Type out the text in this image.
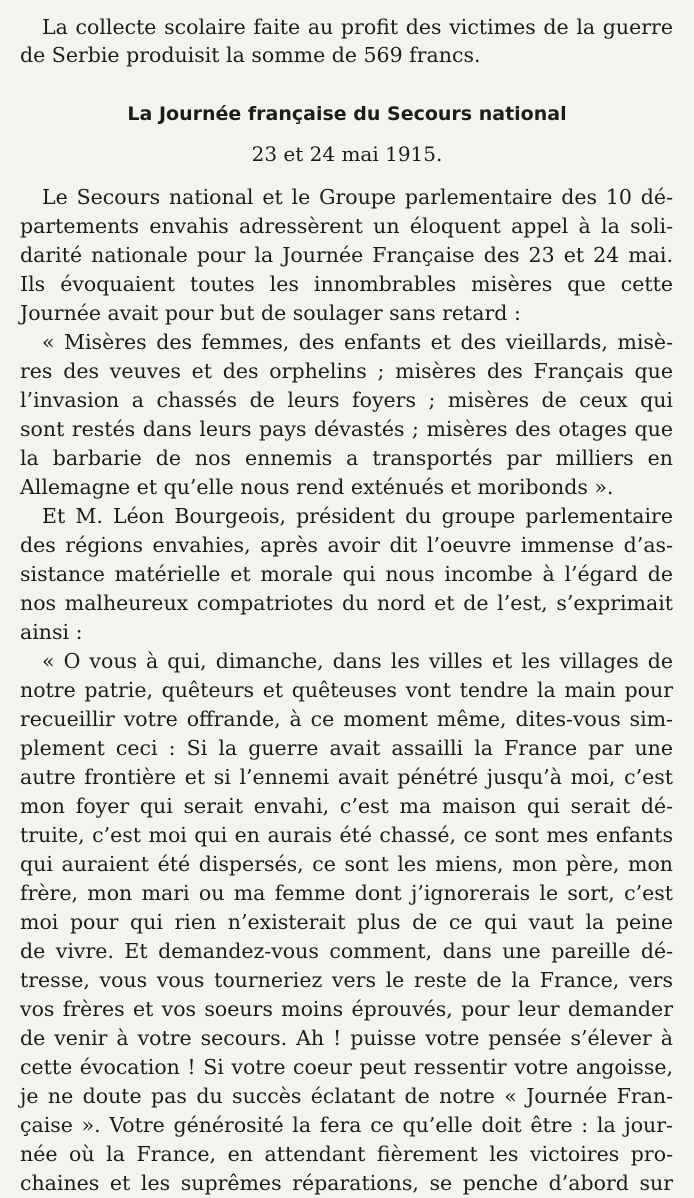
La collecte scolaire faite au profit des victimes de la guerre
de Serbie produisit la somme de 569 francs.
La Journée française du Secours national
23 et 24 mai 1915.
Le Secours national et le Groupe parlementaire des 10 dé-
partements envahis adressèrent un éloquent appel à la soli-
darité nationale pour la Journée Française des 23 et 24 mai.
Ils évoquaient toutes les innombrables misères que cette
Journée avait pour but de soulager sans retard :
« Misères des femmes, des enfants et des vieillards, misè-
res des veuves et des orphelins ; misères des Français que
l’invasion a chassés de leurs foyers ; misères de ceux qui
sont restés dans leurs pays dévastés ; misères des otages que
la barbarie de nos ennemis a transportés par milliers en
Allemagne et qu’elle nous rend exténués et moribonds ».
Et M. Léon Bourgeois, président du groupe parlementaire
des régions envahies, après avoir dit l’oeuvre immense d’as-
sistance matérielle et morale qui nous incombe à l’égard de
nos malheureux compatriotes du nord et de l’est, s’exprimait
ainsi :
« O vous à qui, dimanche, dans les villes et les villages de
notre patrie, quêteurs et quêteuses vont tendre la main pour
recueillir votre offrande, à ce moment même, dites-vous sim-
plement ceci : Si la guerre avait assailli la France par une
autre frontière et si l’ennemi avait pénétré jusqu’à moi, c’est
mon foyer qui serait envahi, c’est ma maison qui serait dé-
truite, c’est moi qui en aurais été chassé, ce sont mes enfants
qui auraient été dispersés, ce sont les miens, mon père, mon
frère, mon mari ou ma femme dont j’ignorerais le sort, c’est
moi pour qui rien n’existerait plus de ce qui vaut la peine
de vivre. Et demandez-vous comment, dans une pareille dé-
tresse, vous vous tourneriez vers le reste de la France, vers
vos frères et vos soeurs moins éprouvés, pour leur demander
de venir à votre secours. Ah ! puisse votre pensée s’élever à
cette évocation ! Si votre coeur peut ressentir votre angoisse,
je ne doute pas du succès éclatant de notre « Journée Fran-
çaise ». Votre générosité la fera ce qu’elle doit être : la jour-
née où la France, en attendant fièrement les victoires pro-
chaines et les suprêmes réparations, se penche d’abord sur
